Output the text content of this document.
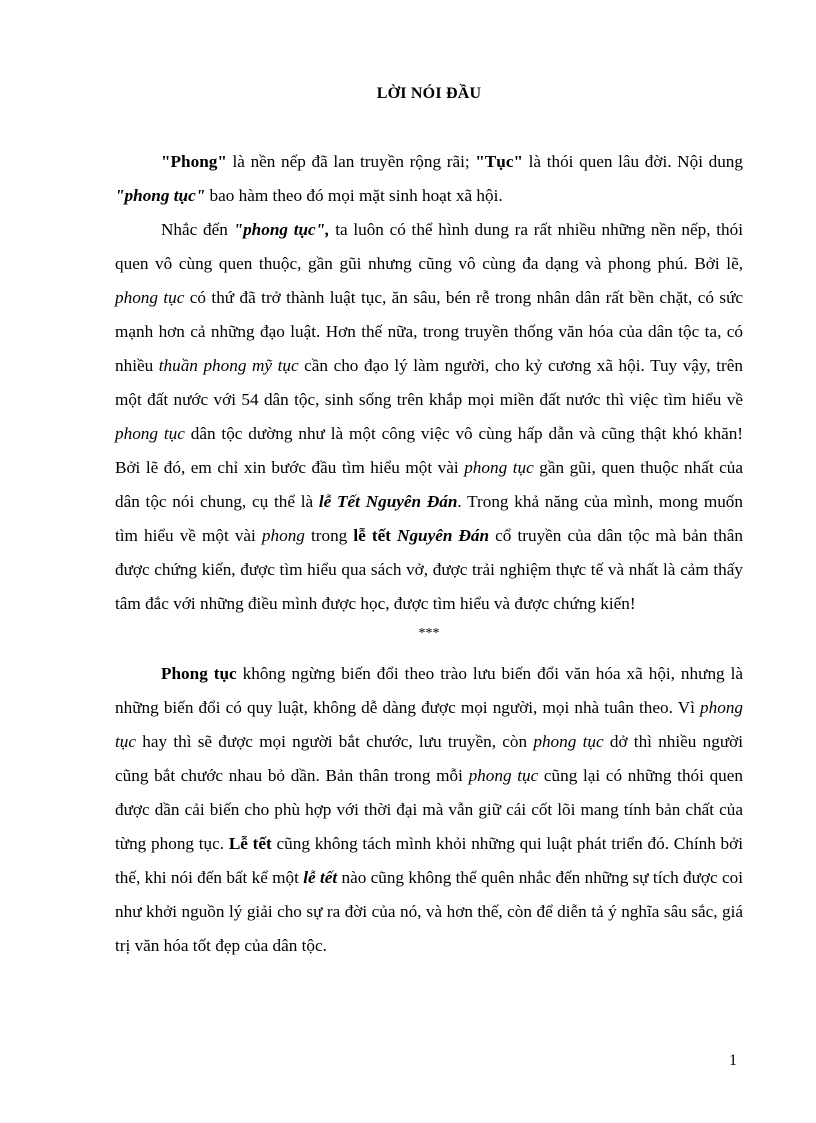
LỜI NÓI ĐẦU

"Phong" là nền nếp đã lan truyền rộng rãi; "Tục" là thói quen lâu đời. Nội dung "phong tục" bao hàm theo đó mọi mặt sinh hoạt xã hội.

Nhắc đến "phong tục", ta luôn có thể hình dung ra rất nhiều những nền nếp, thói quen vô cùng quen thuộc, gần gũi nhưng cũng vô cùng đa dạng và phong phú. Bởi lẽ, phong tục có thứ đã trở thành luật tục, ăn sâu, bén rễ trong nhân dân rất bền chặt, có sức mạnh hơn cả những đạo luật. Hơn thế nữa, trong truyền thống văn hóa của dân tộc ta, có nhiều thuần phong mỹ tục cần cho đạo lý làm người, cho kỷ cương xã hội. Tuy vậy, trên một đất nước với 54 dân tộc, sinh sống trên khắp mọi miền đất nước thì việc tìm hiểu về phong tục dân tộc dường như là một công việc vô cùng hấp dẫn và cũng thật khó khăn! Bởi lẽ đó, em chỉ xin bước đầu tìm hiểu một vài phong tục gần gũi, quen thuộc nhất của dân tộc nói chung, cụ thể là lễ Tết Nguyên Đán. Trong khả năng của mình, mong muốn tìm hiểu về một vài phong trong lễ tết Nguyên Đán cổ truyền của dân tộc mà bản thân được chứng kiến, được tìm hiểu qua sách vở, được trải nghiệm thực tế và nhất là cảm thấy tâm đắc với những điều mình được học, được tìm hiểu và được chứng kiến!

***

Phong tục không ngừng biến đổi theo trào lưu biến đổi văn hóa xã hội, nhưng là những biến đổi có quy luật, không dễ dàng được mọi người, mọi nhà tuân theo. Vì phong tục hay thì sẽ được mọi người bắt chước, lưu truyền, còn phong tục dở thì nhiều người cũng bắt chước nhau bỏ dần. Bản thân trong mỗi phong tục cũng lại có những thói quen được dần cải biến cho phù hợp với thời đại mà vẫn giữ cái cốt lõi mang tính bản chất của từng phong tục. Lễ tết cũng không tách mình khỏi những qui luật phát triển đó. Chính bởi thế, khi nói đến bất kể một lễ tết nào cũng không thể quên nhắc đến những sự tích được coi như khởi nguồn lý giải cho sự ra đời của nó, và hơn thế, còn để diễn tả ý nghĩa sâu sắc, giá trị văn hóa tốt đẹp của dân tộc.

1
